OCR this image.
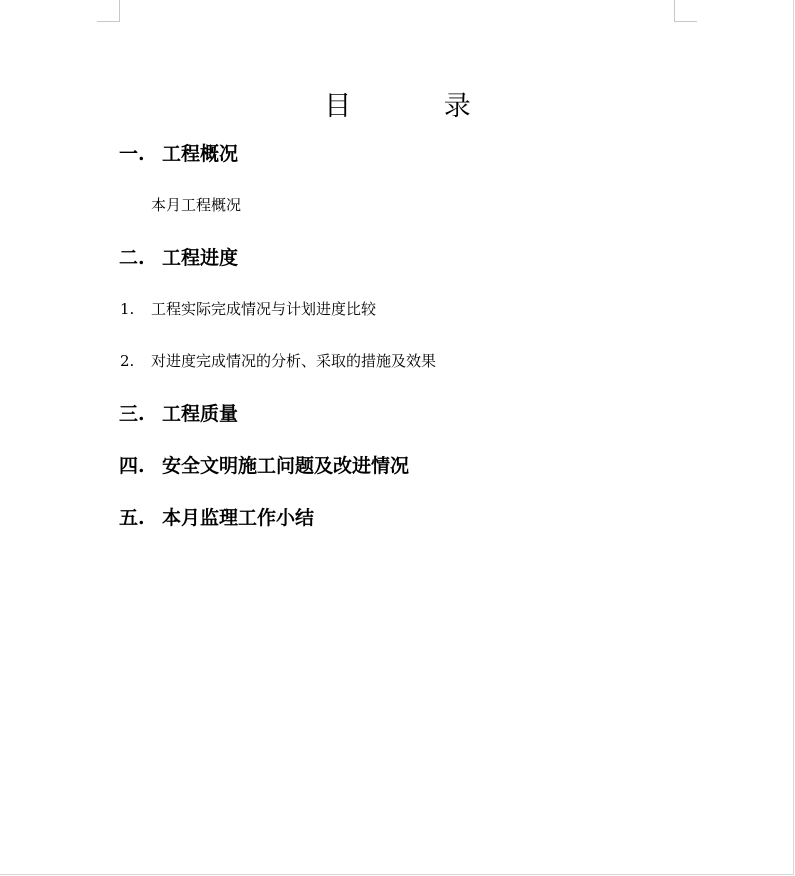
目 录
一. 工程概况
本月工程概况
二. 工程进度
1. 工程实际完成情况与计划进度比较
2. 对进度完成情况的分析、采取的措施及效果
三. 工程质量
四. 安全文明施工问题及改进情况
五. 本月监理工作小结
